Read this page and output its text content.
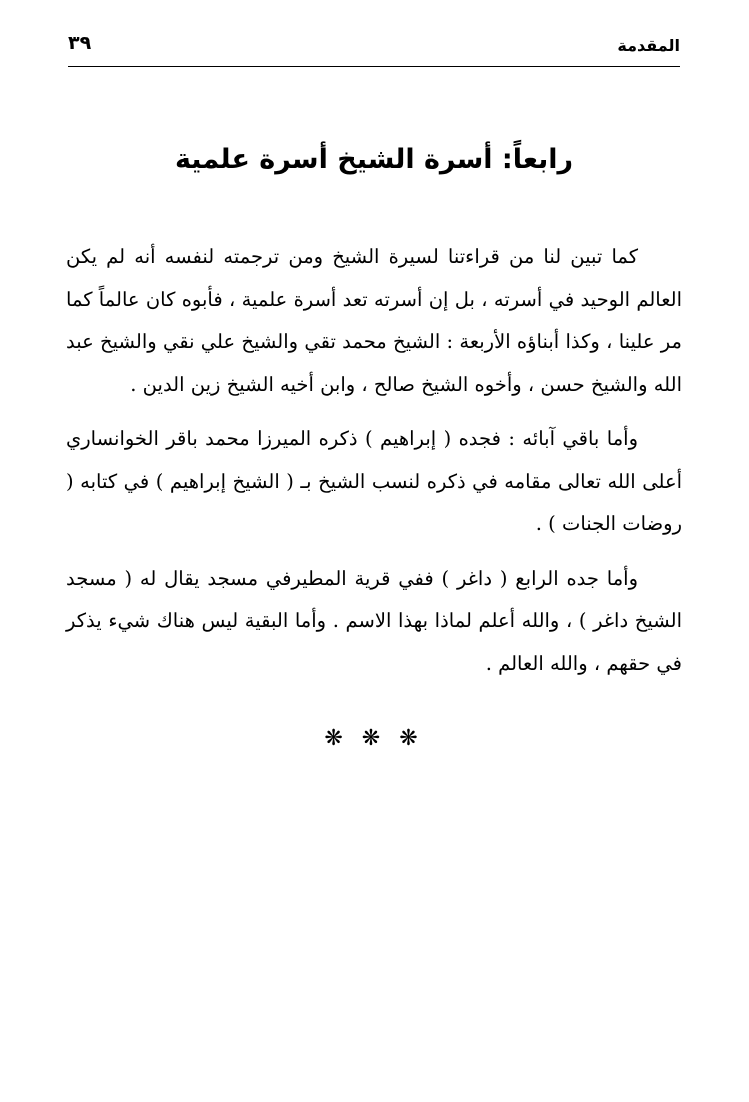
المقدمة
٣٩
رابعاً: أسرة الشيخ أسرة علمية

كما تبين لنا من قراءتنا لسيرة الشيخ ومن ترجمته لنفسه أنه لم يكن العالم الوحيد في أسرته ، بل إن أسرته تعد أسرة علمية ، فأبوه كان عالماً كما مر علينا ، وكذا أبناؤه الأربعة : الشيخ محمد تقي والشيخ علي نقي والشيخ عبد الله والشيخ حسن ، وأخوه الشيخ صالح ، وابن أخيه الشيخ زين الدين .

وأما باقي آبائه : فجده ( إبراهيم ) ذكره الميرزا محمد باقر الخوانساري أعلى الله تعالى مقامه في ذكره لنسب الشيخ بـ ( الشيخ إبراهيم ) في كتابه ( روضات الجنات ) .

وأما جده الرابع ( داغر ) ففي قرية المطيرفي مسجد يقال له ( مسجد الشيخ داغر ) ، والله أعلم لماذا بهذا الاسم . وأما البقية ليس هناك شيء يذكر في حقهم ، والله العالم .

❋ ❋ ❋
